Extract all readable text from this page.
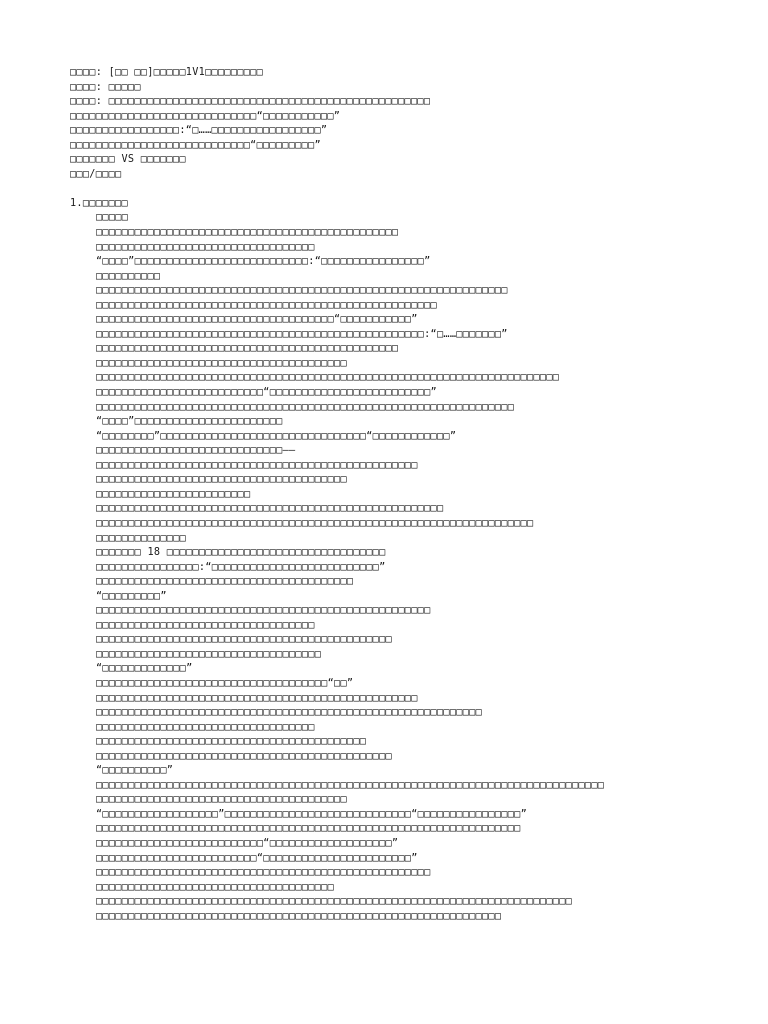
□□□□: [□□ □□]□□□□□1V1□□□□□□□□□
□□□□: □□□□□
□□□□: □□□□□□□□□□□□□□□□□□□□□□□□□□□□□□□□□□□□□□□□□□□□□□□□□□
□□□□□□□□□□□□□□□□□□□□□□□□□□□□□“□□□□□□□□□□□”
□□□□□□□□□□□□□□□□□:“□……□□□□□□□□□□□□□□□□□”
□□□□□□□□□□□□□□□□□□□□□□□□□□□□“□□□□□□□□□”
□□□□□□□ VS □□□□□□□
□□□/□□□□
1.□□□□□□□
□□□□□
□□□□□□□□□□□□□□□□□□□□□□□□□□□□□□□□□□□□□□□□□□□□□□□
□□□□□□□□□□□□□□□□□□□□□□□□□□□□□□□□□□
“□□□□”□□□□□□□□□□□□□□□□□□□□□□□□□□□:“□□□□□□□□□□□□□□□□”
□□□□□□□□□□
□□□□□□□□□□□□□□□□□□□□□□□□□□□□□□□□□□□□□□□□□□□□□□□□□□□□□□□□□□□□□□□□
□□□□□□□□□□□□□□□□□□□□□□□□□□□□□□□□□□□□□□□□□□□□□□□□□□□□□
□□□□□□□□□□□□□□□□□□□□□□□□□□□□□□□□□□□□□“□□□□□□□□□□□”
□□□□□□□□□□□□□□□□□□□□□□□□□□□□□□□□□□□□□□□□□□□□□□□□□□□:“□……□□□□□□□”
□□□□□□□□□□□□□□□□□□□□□□□□□□□□□□□□□□□□□□□□□□□□□□□
□□□□□□□□□□□□□□□□□□□□□□□□□□□□□□□□□□□□□□□
□□□□□□□□□□□□□□□□□□□□□□□□□□□□□□□□□□□□□□□□□□□□□□□□□□□□□□□□□□□□□□□□□□□□□□□□
□□□□□□□□□□□□□□□□□□□□□□□□□□“□□□□□□□□□□□□□□□□□□□□□□□□□”
□□□□□□□□□□□□□□□□□□□□□□□□□□□□□□□□□□□□□□□□□□□□□□□□□□□□□□□□□□□□□□□□□
“□□□□”□□□□□□□□□□□□□□□□□□□□□□□
“□□□□□□□□”□□□□□□□□□□□□□□□□□□□□□□□□□□□□□□□□“□□□□□□□□□□□□”
□□□□□□□□□□□□□□□□□□□□□□□□□□□□□——
□□□□□□□□□□□□□□□□□□□□□□□□□□□□□□□□□□□□□□□□□□□□□□□□□□
□□□□□□□□□□□□□□□□□□□□□□□□□□□□□□□□□□□□□□□
□□□□□□□□□□□□□□□□□□□□□□□□
□□□□□□□□□□□□□□□□□□□□□□□□□□□□□□□□□□□□□□□□□□□□□□□□□□□□□□
□□□□□□□□□□□□□□□□□□□□□□□□□□□□□□□□□□□□□□□□□□□□□□□□□□□□□□□□□□□□□□□□□□□□
□□□□□□□□□□□□□□
□□□□□□□ 18 □□□□□□□□□□□□□□□□□□□□□□□□□□□□□□□□□□
□□□□□□□□□□□□□□□□:“□□□□□□□□□□□□□□□□□□□□□□□□□□”
□□□□□□□□□□□□□□□□□□□□□□□□□□□□□□□□□□□□□□□□
“□□□□□□□□□”
□□□□□□□□□□□□□□□□□□□□□□□□□□□□□□□□□□□□□□□□□□□□□□□□□□□□
□□□□□□□□□□□□□□□□□□□□□□□□□□□□□□□□□□
□□□□□□□□□□□□□□□□□□□□□□□□□□□□□□□□□□□□□□□□□□□□□□
□□□□□□□□□□□□□□□□□□□□□□□□□□□□□□□□□□□
“□□□□□□□□□□□□□”
□□□□□□□□□□□□□□□□□□□□□□□□□□□□□□□□□□□□“□□”
□□□□□□□□□□□□□□□□□□□□□□□□□□□□□□□□□□□□□□□□□□□□□□□□□□
□□□□□□□□□□□□□□□□□□□□□□□□□□□□□□□□□□□□□□□□□□□□□□□□□□□□□□□□□□□□
□□□□□□□□□□□□□□□□□□□□□□□□□□□□□□□□□□
□□□□□□□□□□□□□□□□□□□□□□□□□□□□□□□□□□□□□□□□□□
□□□□□□□□□□□□□□□□□□□□□□□□□□□□□□□□□□□□□□□□□□□□□□
“□□□□□□□□□□”
□□□□□□□□□□□□□□□□□□□□□□□□□□□□□□□□□□□□□□□□□□□□□□□□□□□□□□□□□□□□□□□□□□□□□□□□□□□□□□□
□□□□□□□□□□□□□□□□□□□□□□□□□□□□□□□□□□□□□□□
“□□□□□□□□□□□□□□□□□□”□□□□□□□□□□□□□□□□□□□□□□□□□□□□□“□□□□□□□□□□□□□□□□”
□□□□□□□□□□□□□□□□□□□□□□□□□□□□□□□□□□□□□□□□□□□□□□□□□□□□□□□□□□□□□□□□□□
□□□□□□□□□□□□□□□□□□□□□□□□□□“□□□□□□□□□□□□□□□□□□□”
□□□□□□□□□□□□□□□□□□□□□□□□□“□□□□□□□□□□□□□□□□□□□□□□□”
□□□□□□□□□□□□□□□□□□□□□□□□□□□□□□□□□□□□□□□□□□□□□□□□□□□□
□□□□□□□□□□□□□□□□□□□□□□□□□□□□□□□□□□□□□
□□□□□□□□□□□□□□□□□□□□□□□□□□□□□□□□□□□□□□□□□□□□□□□□□□□□□□□□□□□□□□□□□□□□□□□□□□
□□□□□□□□□□□□□□□□□□□□□□□□□□□□□□□□□□□□□□□□□□□□□□□□□□□□□□□□□□□□□□□
